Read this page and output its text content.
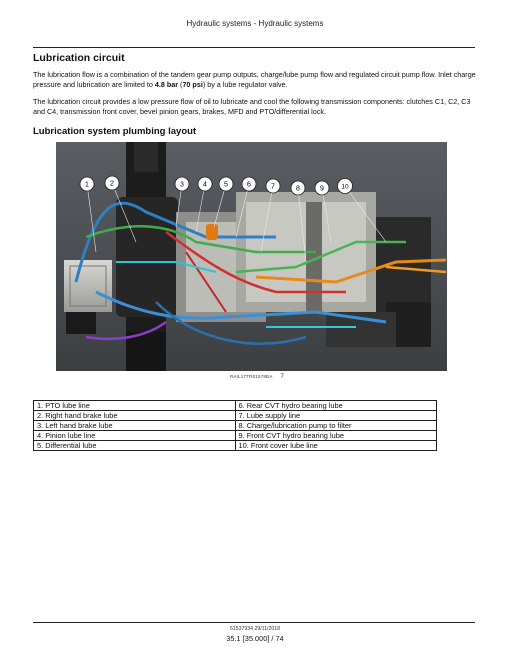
Hydraulic systems - Hydraulic systems
Lubrication circuit

The lubrication flow is a combination of the tandem gear pump outputs, charge/lube pump flow and regulated circuit pump flow. Inlet charge pressure and lubrication are limited to 4.8 bar (70 psi) by a lube regulator valve.

The lubrication circuit provides a low pressure flow of oil to lubricate and cool the following transmission components: clutches C1, C2, C3 and C4, transmission front cover, bevel pinion gears, brakes, MFD and PTO/differential lock.

Lubrication system plumbing layout
1	2	3	4 5	6	7	8	9	10
RAIL17TR01578BA 7
1. PTO lube line	6. Rear CVT hydro bearing lube
2. Right hand brake lube	7. Lube supply line
3. Left hand brake lube	8. Charge/lubrication pump to filter
4. Pinion lube line	9. Front CVT hydro bearing lube
5. Differential lube	10. Front cover lube line
51537934 29/11/2018
35.1 [35.000] / 74
